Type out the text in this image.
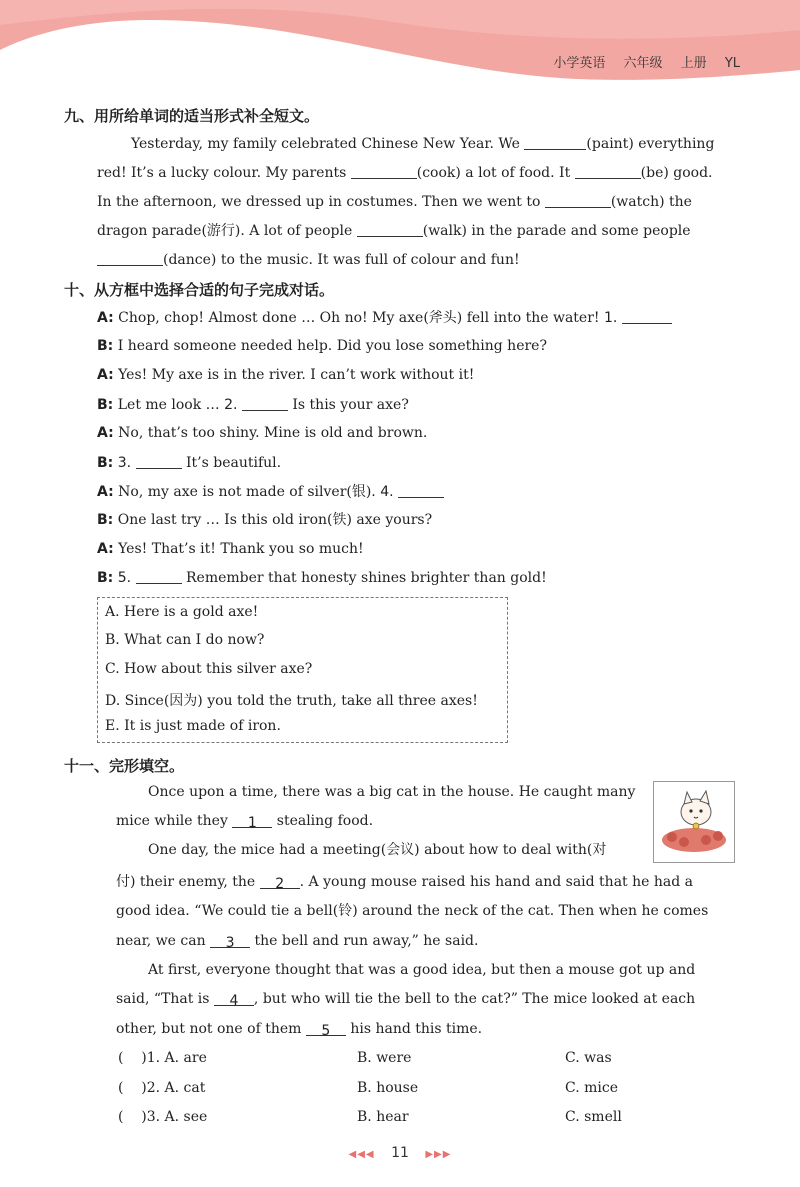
小学英语 六年级 上册 YL
九、用所给单词的适当形式补全短文。
Yesterday, my family celebrated Chinese New Year. We	(paint) everything
red! It’s a lucky colour. My parents	(cook) a lot of food. It	(be) good.
In the afternoon, we dressed up in costumes. Then we went to	(watch) the
dragon parade(游行). A lot of people	(walk) in the parade and some people
(dance) to the music. It was full of colour and fun!
十、从方框中选择合适的句子完成对话。
A: Chop, chop! Almost done … Oh no! My axe(斧头) fell into the water! 1.
B: I heard someone needed help. Did you lose something here?
A: Yes! My axe is in the river. I can’t work without it!
B: Let me look … 2.	Is this your axe?
A: No, that’s too shiny. Mine is old and brown.
B: 3.	It’s beautiful.
A: No, my axe is not made of silver(银). 4.
B: One last try … Is this old iron(铁) axe yours?
A: Yes! That’s it! Thank you so much!
B: 5.	Remember that honesty shines brighter than gold!
A. Here is a gold axe!
B. What can I do now?
C. How about this silver axe?
D. Since(因为) you told the truth, take all three axes!
E. It is just made of iron.
十一、完形填空。
Once upon a time, there was a big cat in the house. He caught many
mice while they 1 stealing food.
One day, the mice had a meeting(会议) about how to deal with(对
付) their enemy, the 2 . A young mouse raised his hand and said that he had a
good idea. “We could tie a bell(铃) around the neck of the cat. Then when he comes
near, we can 3 the bell and run away,” he said.
At first, everyone thought that was a good idea, but then a mouse got up and
said, “That is 4 , but who will tie the bell to the cat?” The mice looked at each
other, but not one of them 5 his hand this time.
( )1. A. are	B. were	C. was
( )2. A. cat	B. house	C. mice
( )3. A. see	B. hear	C. smell
◀◀◀ 11 ▶▶▶
